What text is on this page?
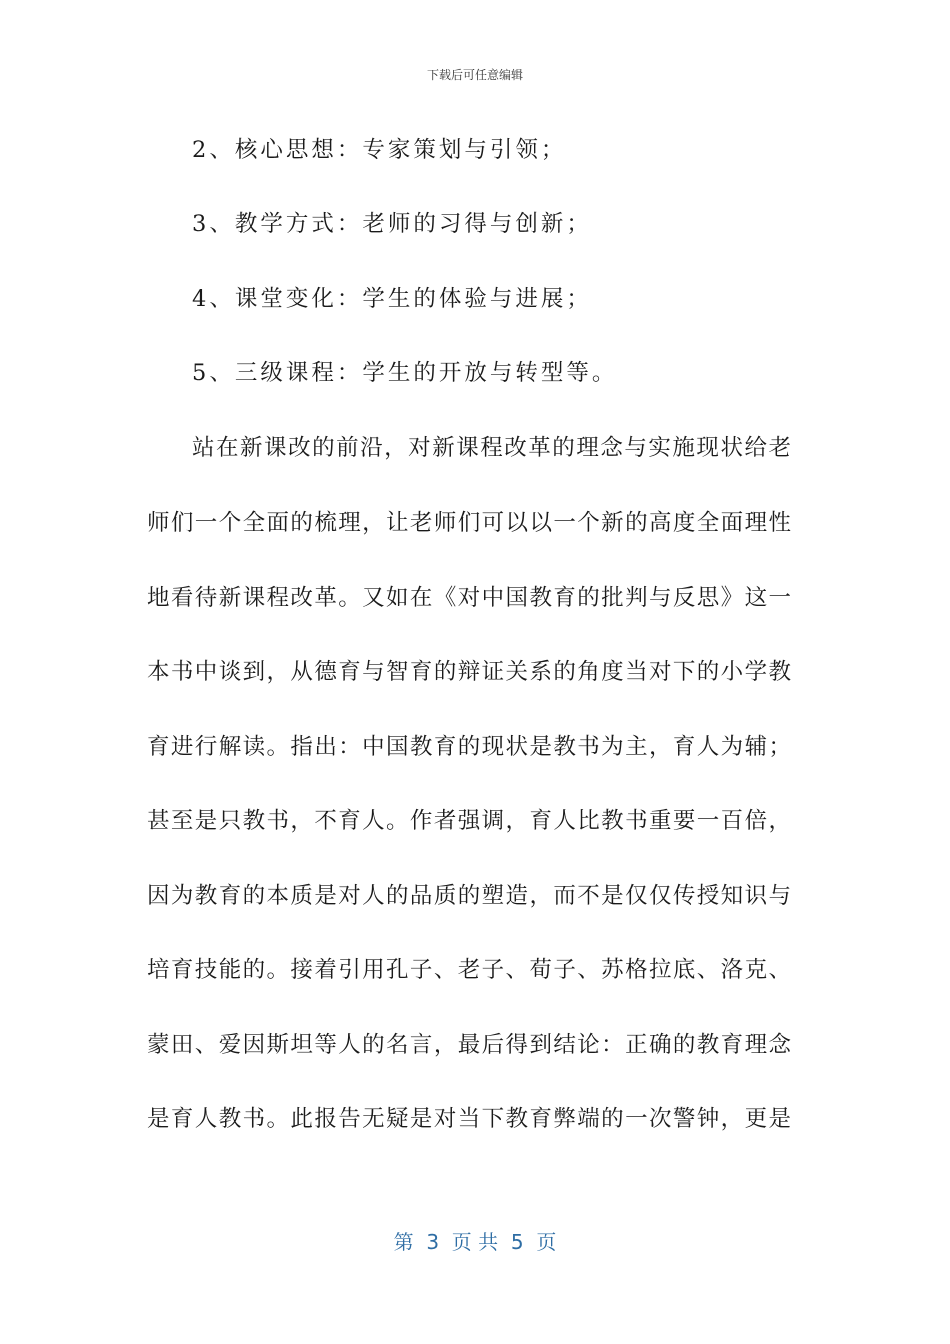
下载后可任意编辑
2、核心思想：专家策划与引领；
3、教学方式：老师的习得与创新；
4、课堂变化：学生的体验与进展；
5、三级课程：学生的开放与转型等。
站在新课改的前沿，对新课程改革的理念与实施现状给老
师们一个全面的梳理，让老师们可以以一个新的高度全面理性
地看待新课程改革。又如在《对中国教育的批判与反思》这一
本书中谈到，从德育与智育的辩证关系的角度当对下的小学教
育进行解读。指出：中国教育的现状是教书为主，育人为辅；
甚至是只教书，不育人。作者强调，育人比教书重要一百倍，
因为教育的本质是对人的品质的塑造，而不是仅仅传授知识与
培育技能的。接着引用孔子、老子、荀子、苏格拉底、洛克、
蒙田、爱因斯坦等人的名言，最后得到结论：正确的教育理念
是育人教书。此报告无疑是对当下教育弊端的一次警钟，更是
第  3  页 共  5  页
